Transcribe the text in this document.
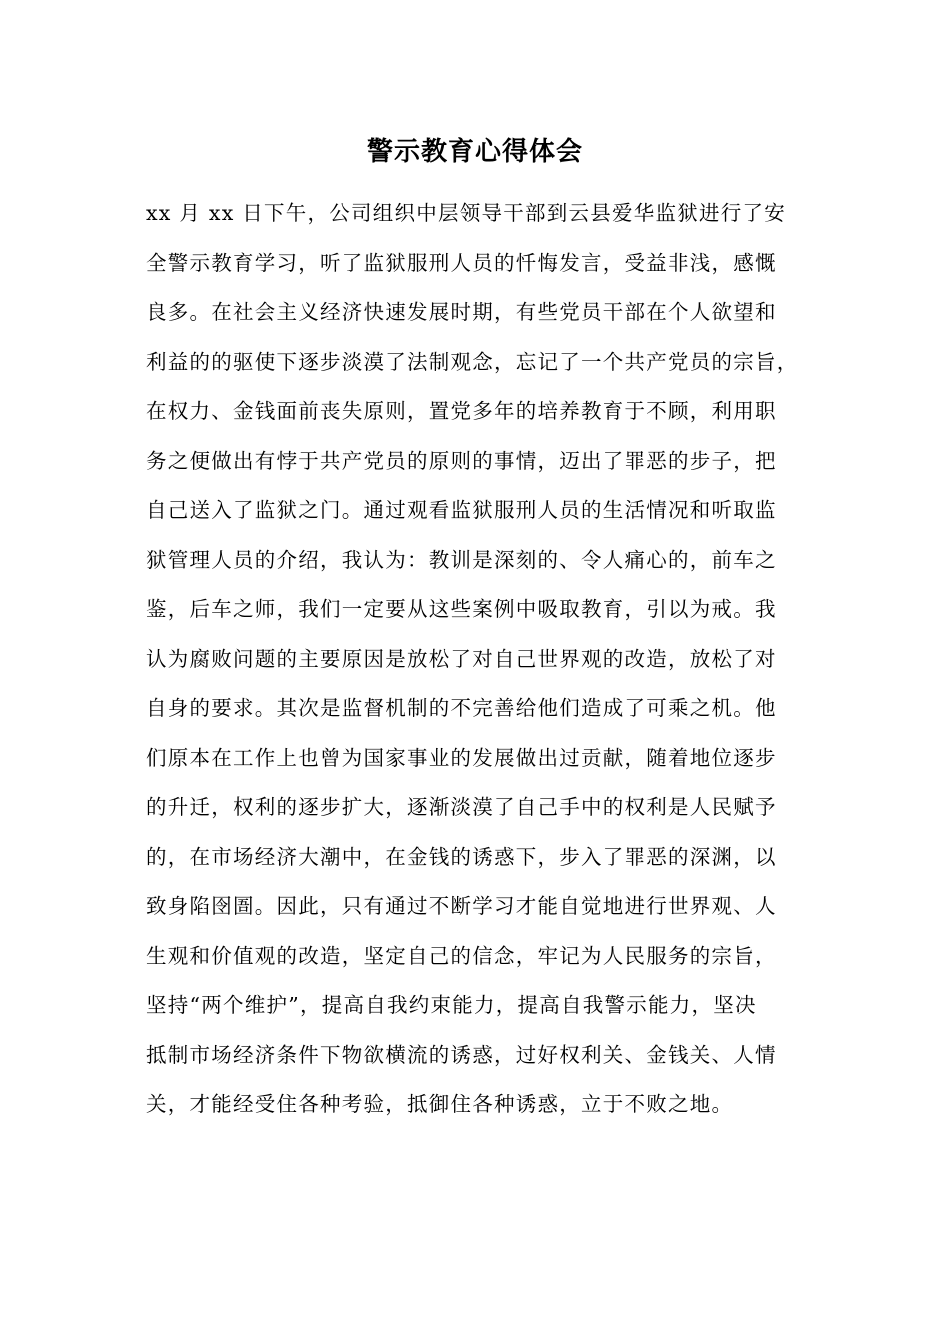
警示教育心得体会
xx 月 xx 日下午，公司组织中层领导干部到云县爱华监狱进行了安
全警示教育学习，听了监狱服刑人员的忏悔发言，受益非浅，感慨
良多。在社会主义经济快速发展时期，有些党员干部在个人欲望和
利益的的驱使下逐步淡漠了法制观念，忘记了一个共产党员的宗旨，
在权力、金钱面前丧失原则，置党多年的培养教育于不顾，利用职
务之便做出有悖于共产党员的原则的事情，迈出了罪恶的步子，把
自己送入了监狱之门。通过观看监狱服刑人员的生活情况和听取监
狱管理人员的介绍，我认为：教训是深刻的、令人痛心的，前车之
鉴，后车之师，我们一定要从这些案例中吸取教育，引以为戒。我
认为腐败问题的主要原因是放松了对自己世界观的改造，放松了对
自身的要求。其次是监督机制的不完善给他们造成了可乘之机。他
们原本在工作上也曾为国家事业的发展做出过贡献，随着地位逐步
的升迁，权利的逐步扩大，逐渐淡漠了自己手中的权利是人民赋予
的，在市场经济大潮中，在金钱的诱惑下，步入了罪恶的深渊，以
致身陷囹圄。因此，只有通过不断学习才能自觉地进行世界观、人
生观和价值观的改造，坚定自己的信念，牢记为人民服务的宗旨，
坚持“两个维护”，提高自我约束能力，提高自我警示能力，坚决
抵制市场经济条件下物欲横流的诱惑，过好权利关、金钱关、人情
关，才能经受住各种考验，抵御住各种诱惑，立于不败之地。
